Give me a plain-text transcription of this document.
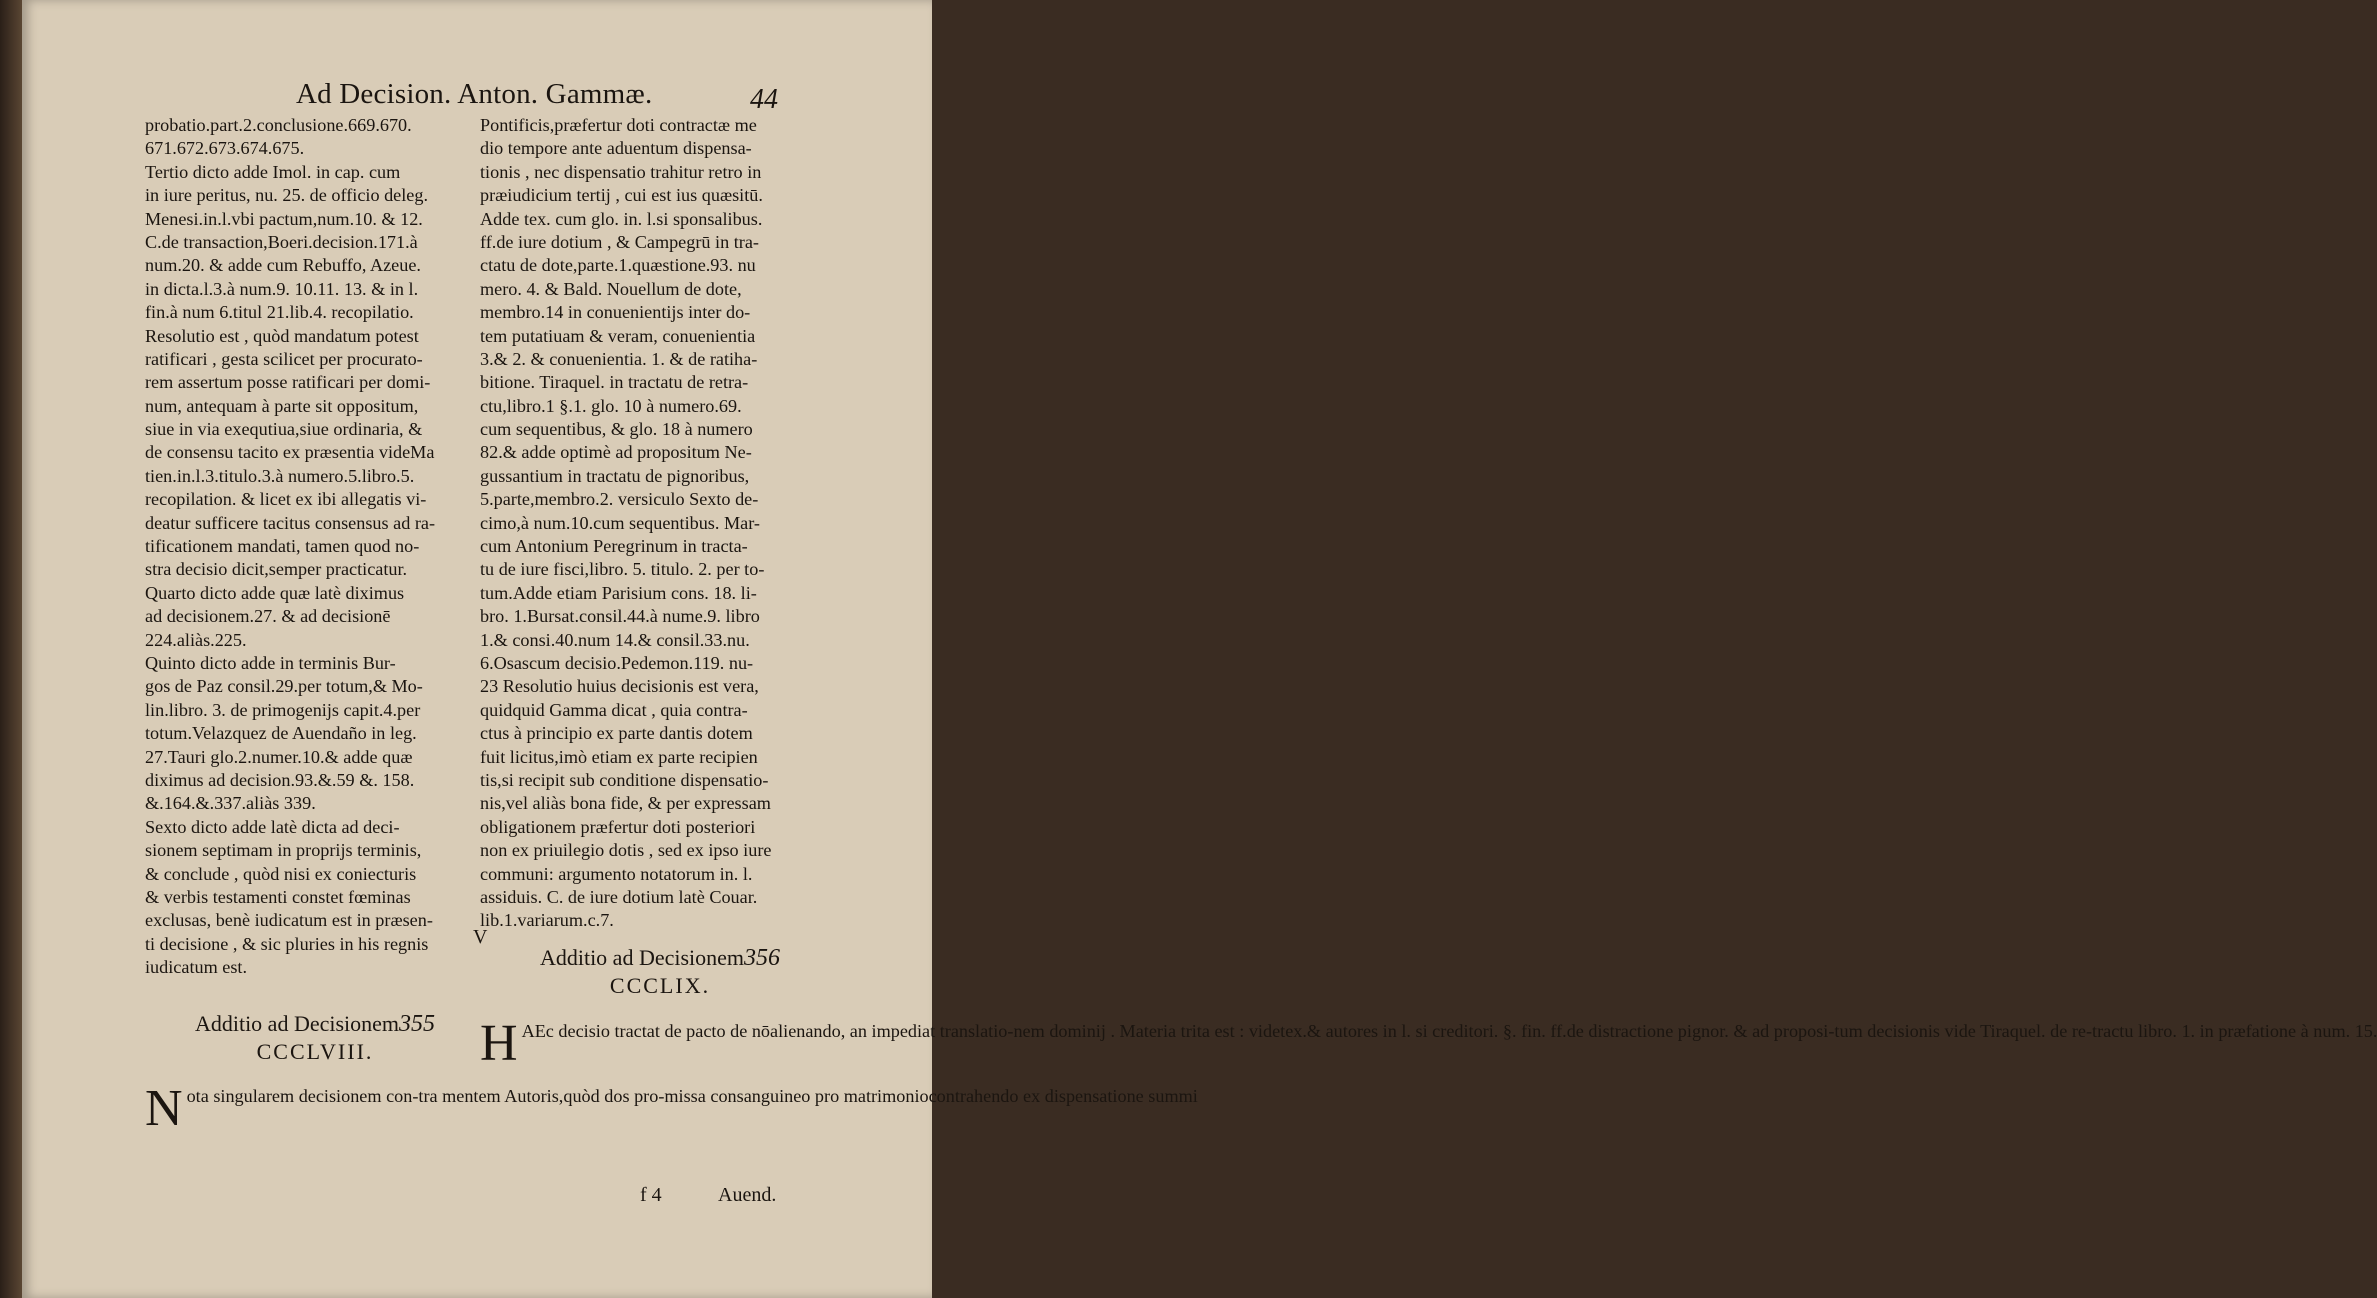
Ad Decision. Anton. Gammæ.	44
probatio.part.2.conclusione.669.670.
671.672.673.674.675.
Tertio dicto adde Imol. in cap. cum
in iure peritus, nu. 25. de officio deleg.
Menesi.in.l.vbi pactum,num.10. & 12.
C.de transaction,Boeri.decision.171.à
num.20. & adde cum Rebuffo, Azeue.
in dicta.l.3.à num.9. 10.11. 13. & in l.
fin.à num 6.titul 21.lib.4. recopilatio.
Resolutio est , quòd mandatum potest
ratificari , gesta scilicet per procurato-
rem assertum posse ratificari per domi-
num, antequam à parte sit oppositum,
siue in via exequtiua,siue ordinaria, &
de consensu tacito ex præsentia videMa
tien.in.l.3.titulo.3.à numero.5.libro.5.
recopilation. & licet ex ibi allegatis vi-
deatur sufficere tacitus consensus ad ra-
tificationem mandati, tamen quod no-
stra decisio dicit,semper practicatur.
Quarto dicto adde quæ latè diximus
ad decisionem.27. & ad decisionē
224.aliàs.225.
Quinto dicto adde in terminis Bur-
gos de Paz consil.29.per totum,& Mo-
lin.libro. 3. de primogenijs capit.4.per
totum.Velazquez de Auendaño in leg.
27.Tauri glo.2.numer.10.& adde quæ
diximus ad decision.93.&.59 &. 158.
&.164.&.337.aliàs 339.
Sexto dicto adde latè dicta ad deci-
sionem septimam in proprijs terminis,
& conclude , quòd nisi ex coniecturis
& verbis testamenti constet fœminas
exclusas, benè iudicatum est in præsen-
ti decisione , & sic pluries in his regnis
iudicatum est.
Pontificis,præfertur doti contractæ me
dio tempore ante aduentum dispensa-
tionis , nec dispensatio trahitur retro in
præiudicium tertij , cui est ius quæsitū.
Adde tex. cum glo. in. l.si sponsalibus.
ff.de iure dotium , & Campegrū in tra-
ctatu de dote,parte.1.quæstione.93. nu
mero. 4. & Bald. Nouellum de dote,
membro.14 in conuenientijs inter do-
tem putatiuam & veram, conuenientia
3.& 2. & conuenientia. 1. & de ratiha-
bitione. Tiraquel. in tractatu de retra-
ctu,libro.1 §.1. glo. 10 à numero.69.
cum sequentibus, & glo. 18 à numero
82.& adde optimè ad propositum Ne-
gussantium in tractatu de pignoribus,
5.parte,membro.2. versiculo Sexto de-
cimo,à num.10.cum sequentibus. Mar-
cum Antonium Peregrinum in tracta-
tu de iure fisci,libro. 5. titulo. 2. per to-
tum.Adde etiam Parisium cons. 18. li-
bro. 1.Bursat.consil.44.à nume.9. libro
1.& consi.40.num 14.& consil.33.nu.
6.Osascum decisio.Pedemon.119. nu-
23 Resolutio huius decisionis est vera,
quidquid Gamma dicat , quia contra-
ctus à principio ex parte dantis dotem
fuit licitus,imò etiam ex parte recipien
tis,si recipit sub conditione dispensatio-
nis,vel aliàs bona fide, & per expressam
obligationem præfertur doti posteriori
non ex priuilegio dotis , sed ex ipso iure
communi: argumento notatorum in. l.
assiduis. C. de iure dotium latè Couar.
lib.1.variarum.c.7.
Additio ad Decisionem355
CCCLVIII.
N ota singularem decisionem con-tra mentem Autoris,quòd dos pro-missa consanguineo pro matrimoniocontrahendo ex dispensatione summi
V
Additio ad Decisionem356
CCCLIX.
H AEc decisio tractat de pacto de nōalienando, an impediat translatio-nem dominij . Materia trita est : videtex.& autores in l. si creditori. §. fin. ff.de distractione pignor. & ad proposi-tum decisionis vide Tiraquel. de re-tractu libro. 1. in præfatione à num. 15.
f 4	Auend.
